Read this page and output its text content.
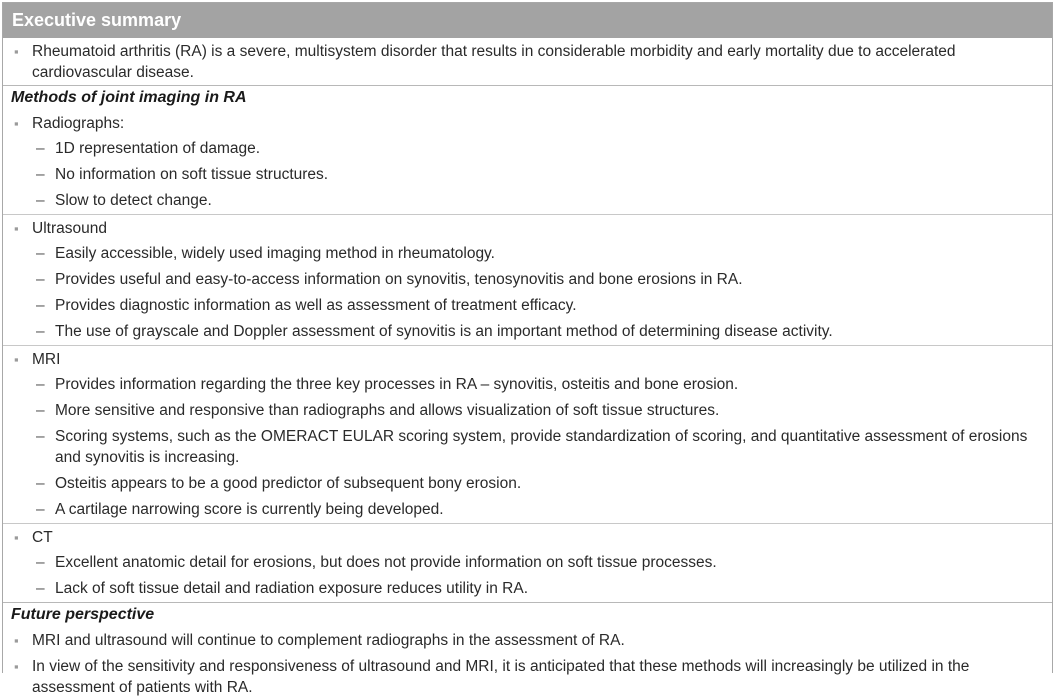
Executive summary
▪ Rheumatoid arthritis (RA) is a severe, multisystem disorder that results in considerable morbidity and early mortality due to accelerated cardiovascular disease.
Methods of joint imaging in RA
▪ Radiographs:
– 1D representation of damage.
– No information on soft tissue structures.
– Slow to detect change.
▪ Ultrasound
– Easily accessible, widely used imaging method in rheumatology.
– Provides useful and easy-to-access information on synovitis, tenosynovitis and bone erosions in RA.
– Provides diagnostic information as well as assessment of treatment efficacy.
– The use of grayscale and Doppler assessment of synovitis is an important method of determining disease activity.
▪ MRI
– Provides information regarding the three key processes in RA – synovitis, osteitis and bone erosion.
– More sensitive and responsive than radiographs and allows visualization of soft tissue structures.
– Scoring systems, such as the OMERACT EULAR scoring system, provide standardization of scoring, and quantitative assessment of erosions and synovitis is increasing.
– Osteitis appears to be a good predictor of subsequent bony erosion.
– A cartilage narrowing score is currently being developed.
▪ CT
– Excellent anatomic detail for erosions, but does not provide information on soft tissue processes.
– Lack of soft tissue detail and radiation exposure reduces utility in RA.
Future perspective
▪ MRI and ultrasound will continue to complement radiographs in the assessment of RA.
▪ In view of the sensitivity and responsiveness of ultrasound and MRI, it is anticipated that these methods will increasingly be utilized in the assessment of patients with RA.
